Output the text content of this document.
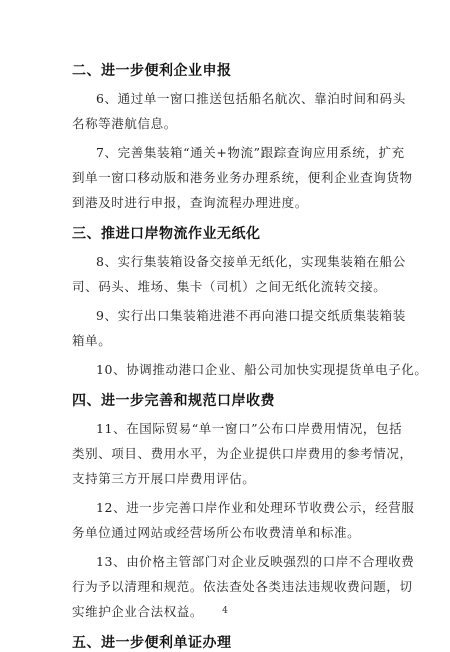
4
二、进一步便利企业申报
6、通过单一窗口推送包括船名航次、靠泊时间和码头
名称等港航信息。
7、完善集装箱“通关+物流”跟踪查询应用系统，扩充
到单一窗口移动版和港务业务办理系统，便利企业查询货物
到港及时进行申报，查询流程办理进度。
三、推进口岸物流作业无纸化
8、实行集装箱设备交接单无纸化，实现集装箱在船公
司、码头、堆场、集卡（司机）之间无纸化流转交接。
9、实行出口集装箱进港不再向港口提交纸质集装箱装
箱单。
10、协调推动港口企业、船公司加快实现提货单电子化。
四、进一步完善和规范口岸收费
11、在国际贸易“单一窗口”公布口岸费用情况，包括
类别、项目、费用水平，为企业提供口岸费用的参考情况，
支持第三方开展口岸费用评估。
12、进一步完善口岸作业和处理环节收费公示，经营服
务单位通过网站或经营场所公布收费清单和标准。
13、由价格主管部门对企业反映强烈的口岸不合理收费
行为予以清理和规范。依法查处各类违法违规收费问题，切
实维护企业合法权益。
五、进一步便利单证办理
